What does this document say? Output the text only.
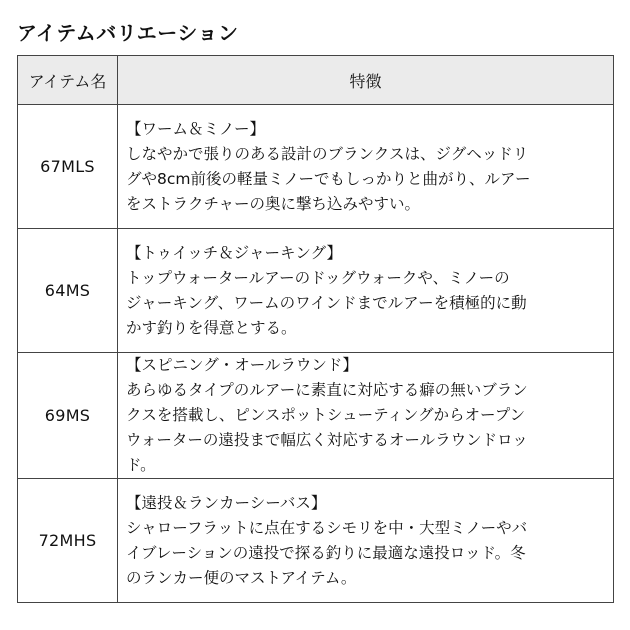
アイテムバリエーション
アイテム名	特徴
67MLS	【ワーム＆ミノー】
しなやかで張りのある設計のブランクスは、ジグヘッドリ
グや8cm前後の軽量ミノーでもしっかりと曲がり、ルアー
をストラクチャーの奥に撃ち込みやすい。

64MS	【トゥイッチ＆ジャーキング】
トップウォータールアーのドッグウォークや、ミノーの
ジャーキング、ワームのワインドまでルアーを積極的に動
かす釣りを得意とする。

69MS	【スピニング・オールラウンド】
あらゆるタイプのルアーに素直に対応する癖の無いブラン
クスを搭載し、ピンスポットシューティングからオープン
ウォーターの遠投まで幅広く対応するオールラウンドロッ
ド。

72MHS	【遠投＆ランカーシーバス】
シャローフラットに点在するシモリを中・大型ミノーやバ
イブレーションの遠投で探る釣りに最適な遠投ロッド。冬
のランカー便のマストアイテム。
